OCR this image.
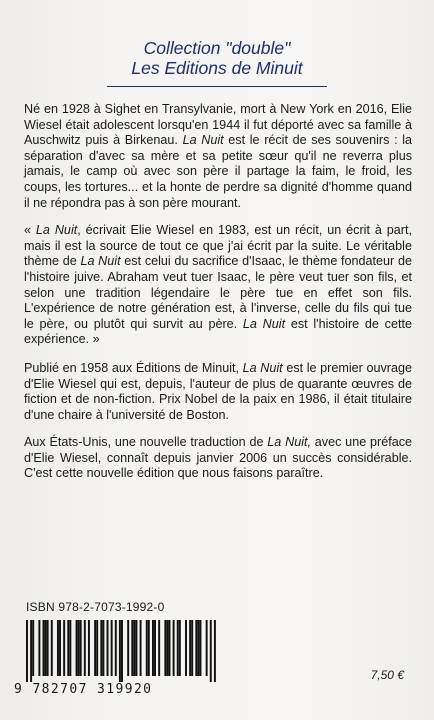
Collection "double"
Les Editions de Minuit

Né en 1928 à Sighet en Transylvanie, mort à New York en 2016, Elie Wiesel était adolescent lorsqu'en 1944 il fut déporté avec sa famille à Auschwitz puis à Birkenau. La Nuit est le récit de ses souvenirs : la séparation d'avec sa mère et sa petite sœur qu'il ne reverra plus jamais, le camp où avec son père il partage la faim, le froid, les coups, les tortures... et la honte de perdre sa dignité d'homme quand il ne répondra pas à son père mourant.

« La Nuit, écrivait Elie Wiesel en 1983, est un récit, un écrit à part, mais il est la source de tout ce que j'ai écrit par la suite. Le véritable thème de La Nuit est celui du sacrifice d'Isaac, le thème fondateur de l'histoire juive. Abraham veut tuer Isaac, le père veut tuer son fils, et selon une tradition légendaire le père tue en effet son fils. L'expérience de notre génération est, à l'inverse, celle du fils qui tue le père, ou plutôt qui survit au père. La Nuit est l'histoire de cette expérience. »

Publié en 1958 aux Éditions de Minuit, La Nuit est le premier ouvrage d'Elie Wiesel qui est, depuis, l'auteur de plus de quarante œuvres de fiction et de non-fiction. Prix Nobel de la paix en 1986, il était titulaire d'une chaire à l'université de Boston.

Aux États-Unis, une nouvelle traduction de La Nuit, avec une préface d'Elie Wiesel, connaît depuis janvier 2006 un succès considérable. C'est cette nouvelle édition que nous faisons paraître.

ISBN 978-2-7073-1992-0
9 782707 319920
7,50 €
